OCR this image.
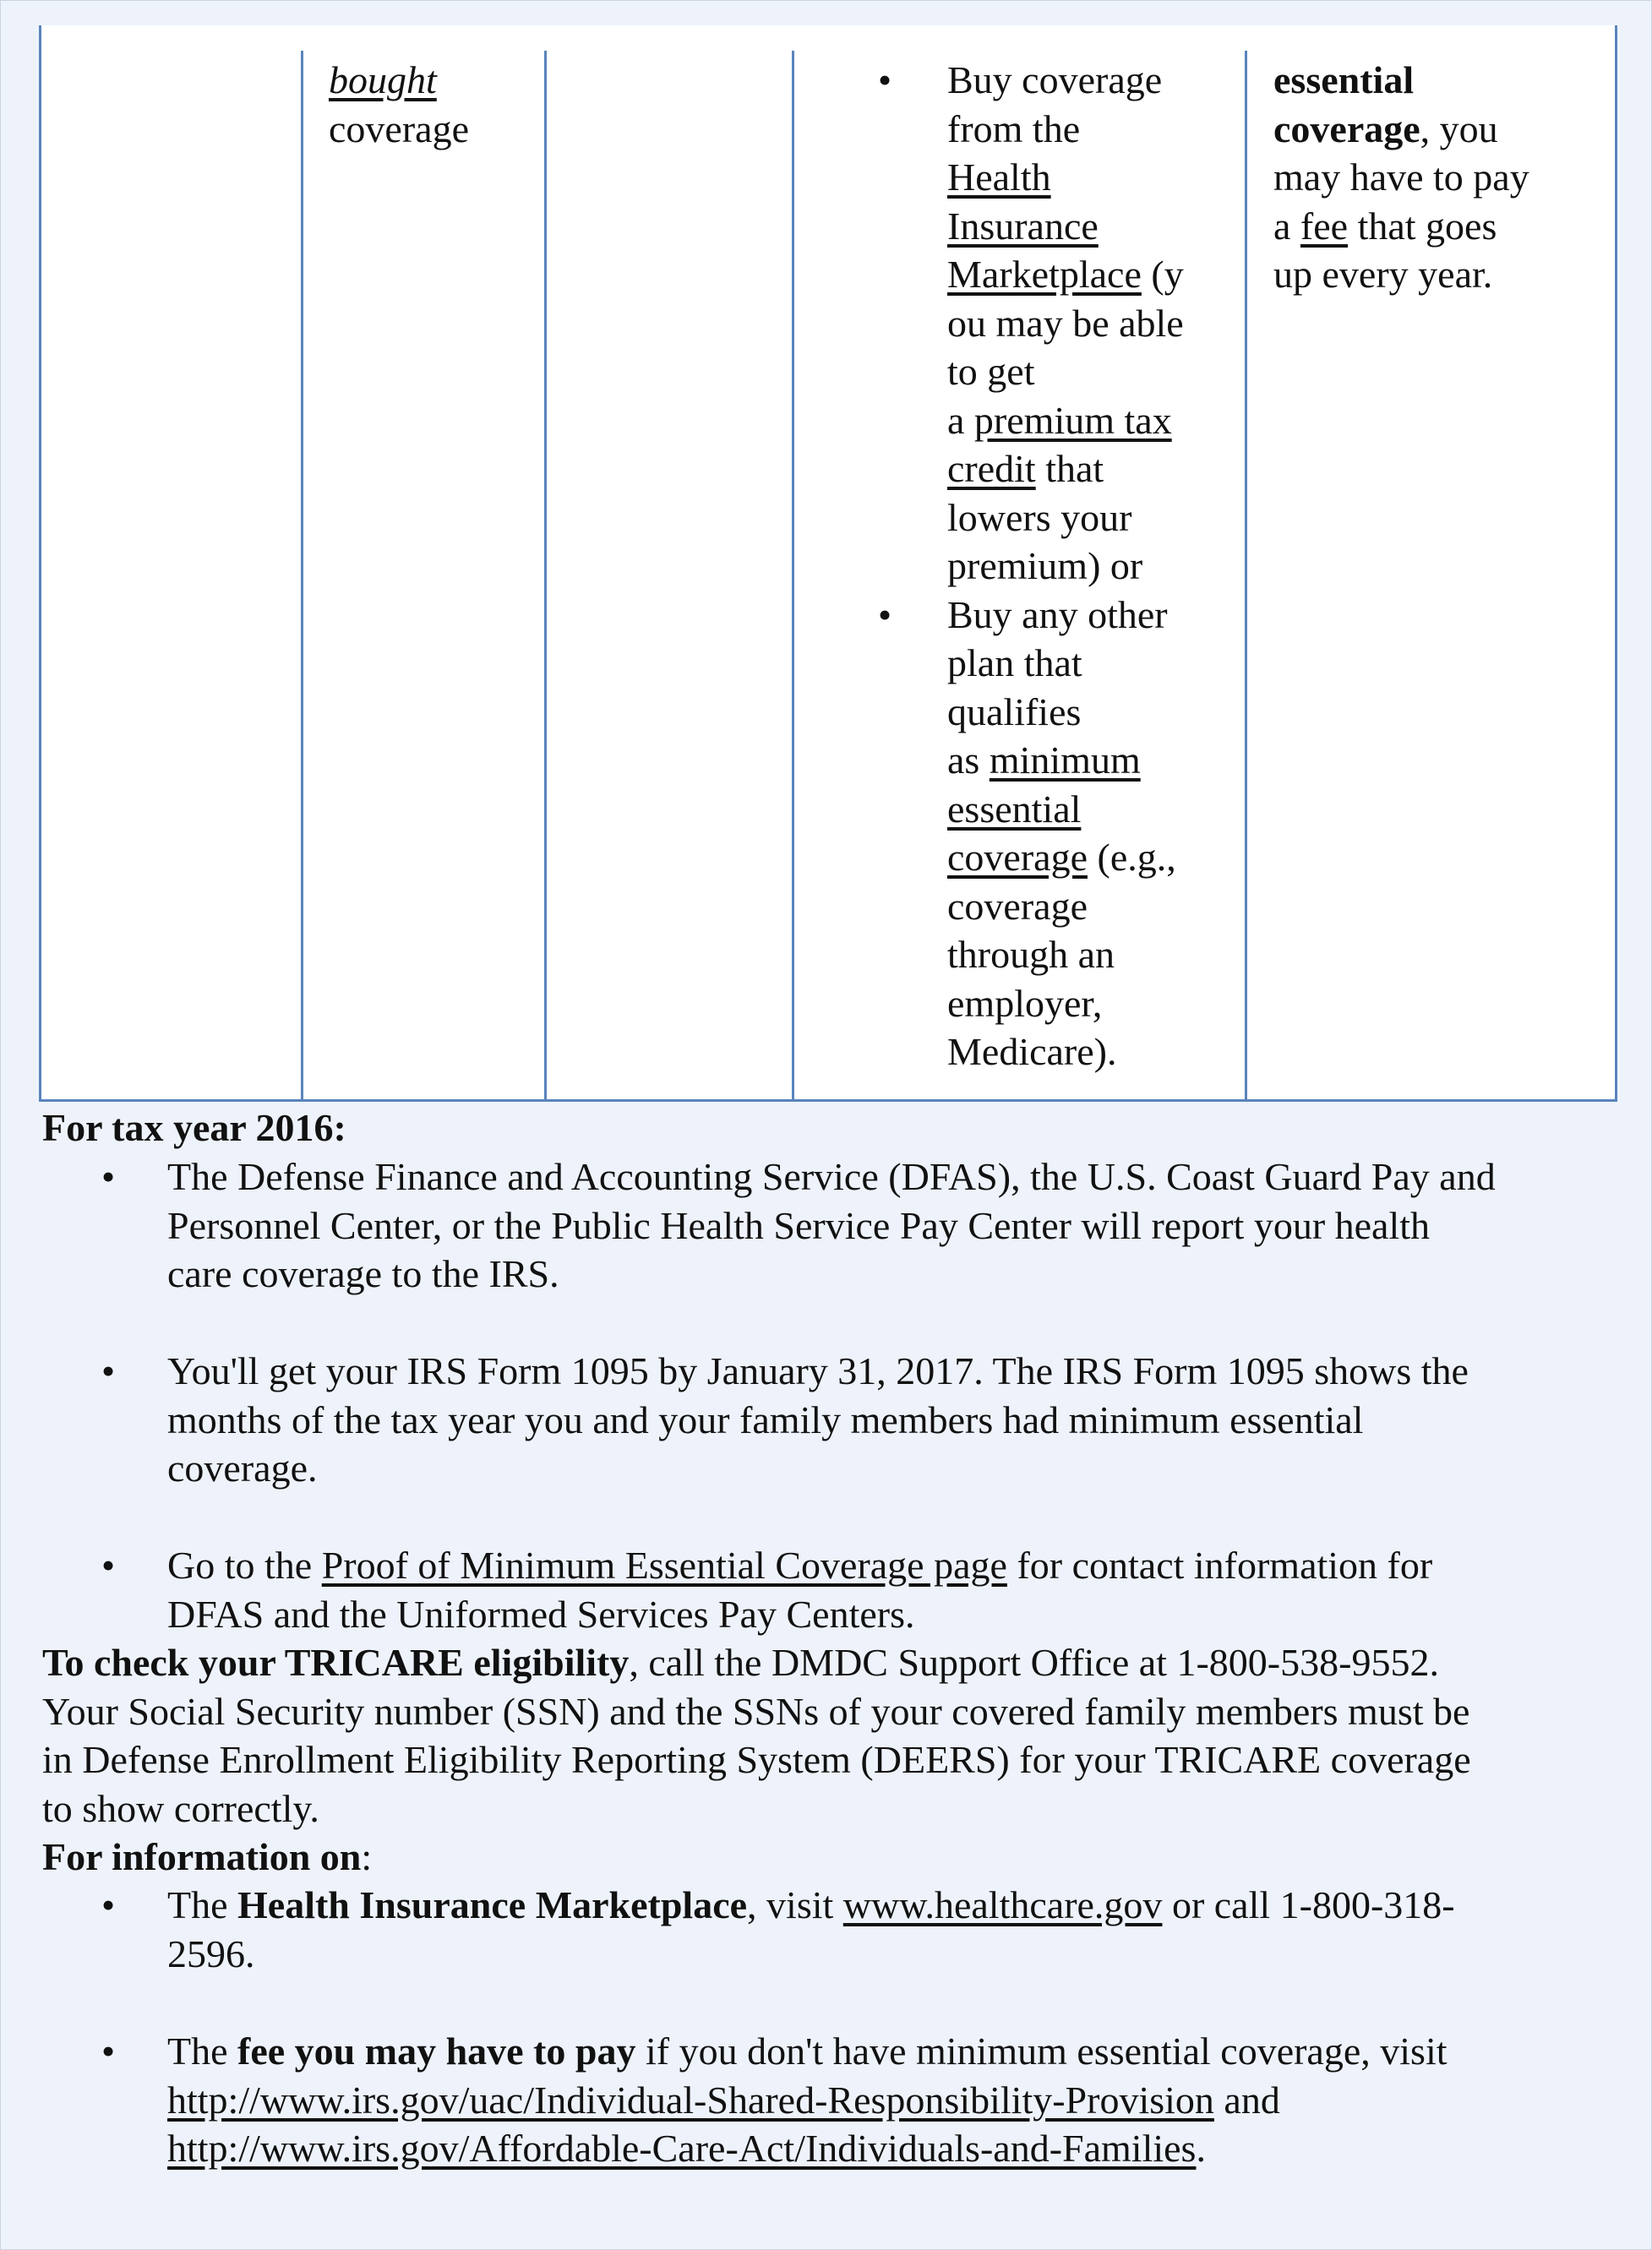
bought
coverage
• Buy coverage
from the
Health
Insurance
Marketplace (y
ou may be able
to get
a premium tax
credit that
lowers your
premium) or
• Buy any other
plan that
qualifies
as minimum
essential
coverage (e.g.,
coverage
through an
employer,
Medicare).
essential
coverage, you
may have to pay
a fee that goes
up every year.
For tax year 2016:
• The Defense Finance and Accounting Service (DFAS), the U.S. Coast Guard Pay and
Personnel Center, or the Public Health Service Pay Center will report your health
care coverage to the IRS.
• You'll get your IRS Form 1095 by January 31, 2017. The IRS Form 1095 shows the
months of the tax year you and your family members had minimum essential
coverage.
• Go to the Proof of Minimum Essential Coverage page for contact information for
DFAS and the Uniformed Services Pay Centers.
To check your TRICARE eligibility, call the DMDC Support Office at 1-800-538-9552.
Your Social Security number (SSN) and the SSNs of your covered family members must be
in Defense Enrollment Eligibility Reporting System (DEERS) for your TRICARE coverage
to show correctly.
For information on:
• The Health Insurance Marketplace, visit www.healthcare.gov or call 1-800-318-
2596.
• The fee you may have to pay if you don't have minimum essential coverage, visit
http://www.irs.gov/uac/Individual-Shared-Responsibility-Provision and
http://www.irs.gov/Affordable-Care-Act/Individuals-and-Families.
